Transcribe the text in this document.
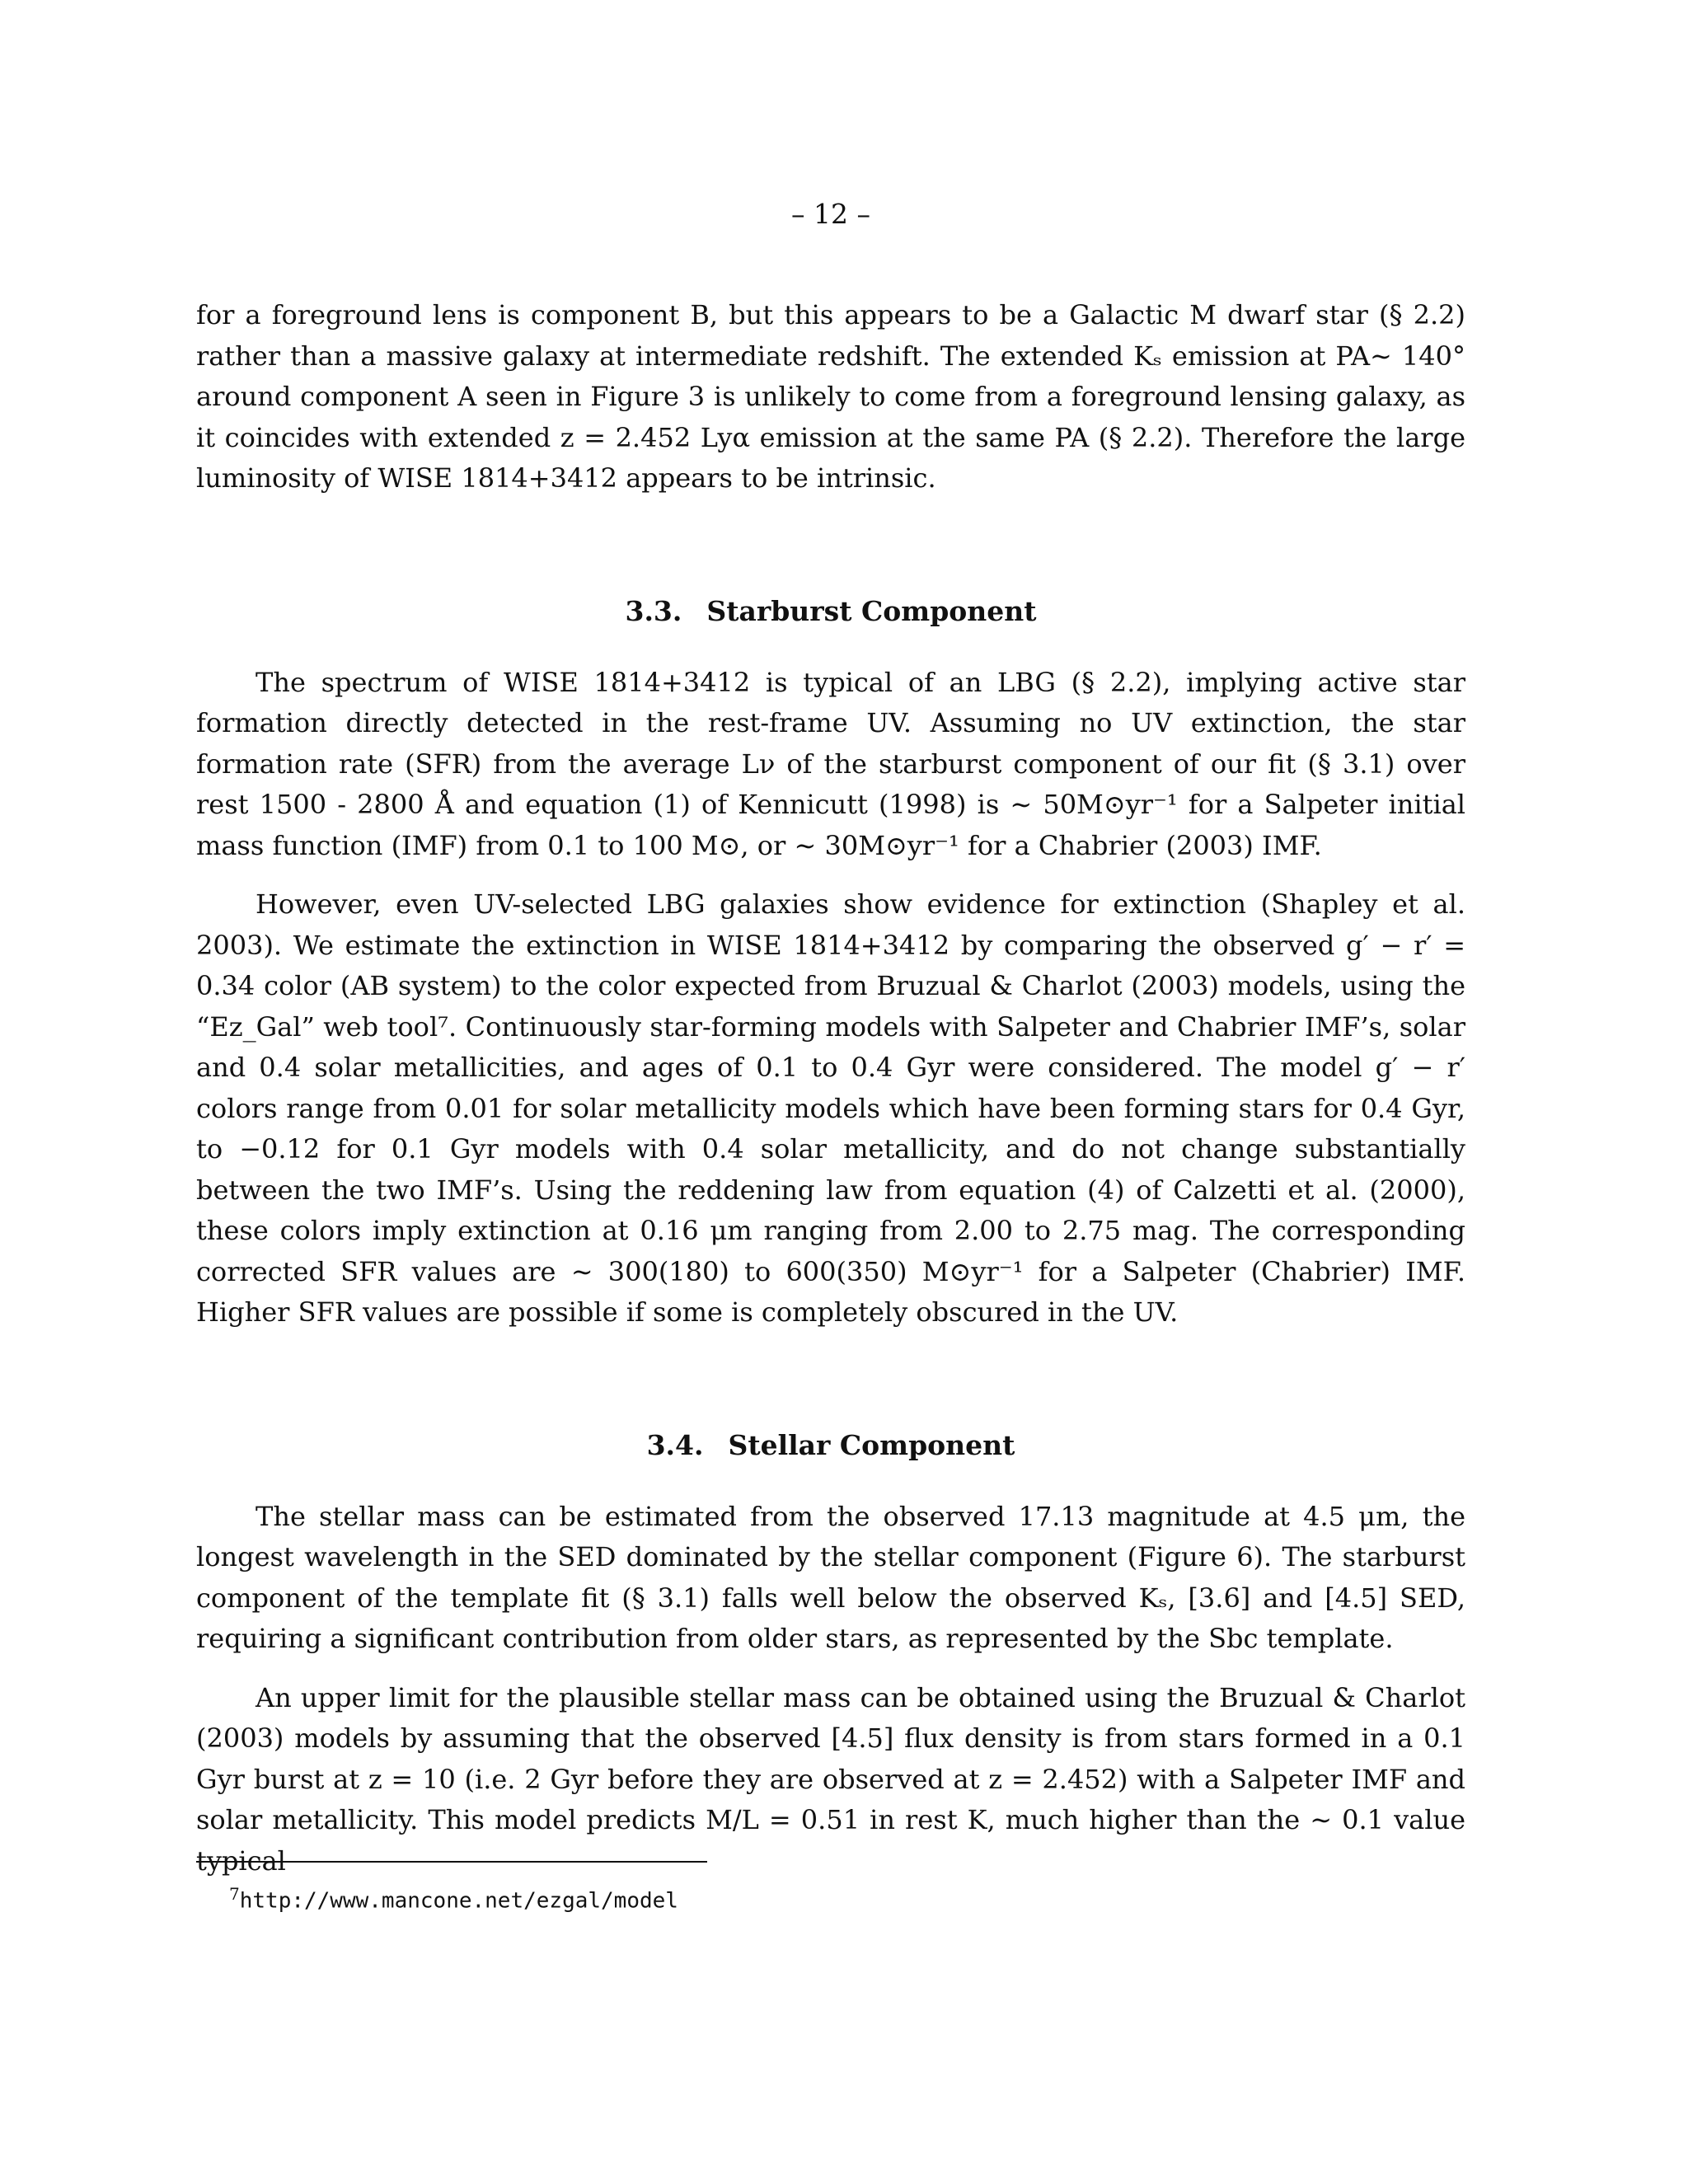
– 12 –

for a foreground lens is component B, but this appears to be a Galactic M dwarf star (§ 2.2) rather than a massive galaxy at intermediate redshift. The extended Kₛ emission at PA∼ 140° around component A seen in Figure 3 is unlikely to come from a foreground lensing galaxy, as it coincides with extended z = 2.452 Lyα emission at the same PA (§ 2.2). Therefore the large luminosity of WISE 1814+3412 appears to be intrinsic.

3.3. Starburst Component

The spectrum of WISE 1814+3412 is typical of an LBG (§ 2.2), implying active star formation directly detected in the rest-frame UV. Assuming no UV extinction, the star formation rate (SFR) from the average Lν of the starburst component of our fit (§ 3.1) over rest 1500 - 2800 Å and equation (1) of Kennicutt (1998) is ∼ 50M⊙yr⁻¹ for a Salpeter initial mass function (IMF) from 0.1 to 100 M⊙, or ∼ 30M⊙yr⁻¹ for a Chabrier (2003) IMF.

However, even UV-selected LBG galaxies show evidence for extinction (Shapley et al. 2003). We estimate the extinction in WISE 1814+3412 by comparing the observed g′ − r′ = 0.34 color (AB system) to the color expected from Bruzual & Charlot (2003) models, using the “Ez_Gal” web tool⁷. Continuously star-forming models with Salpeter and Chabrier IMF’s, solar and 0.4 solar metallicities, and ages of 0.1 to 0.4 Gyr were considered. The model g′ − r′ colors range from 0.01 for solar metallicity models which have been forming stars for 0.4 Gyr, to −0.12 for 0.1 Gyr models with 0.4 solar metallicity, and do not change substantially between the two IMF’s. Using the reddening law from equation (4) of Calzetti et al. (2000), these colors imply extinction at 0.16 μm ranging from 2.00 to 2.75 mag. The corresponding corrected SFR values are ∼ 300(180) to 600(350) M⊙yr⁻¹ for a Salpeter (Chabrier) IMF. Higher SFR values are possible if some is completely obscured in the UV.

3.4. Stellar Component

The stellar mass can be estimated from the observed 17.13 magnitude at 4.5 μm, the longest wavelength in the SED dominated by the stellar component (Figure 6). The starburst component of the template fit (§ 3.1) falls well below the observed Kₛ, [3.6] and [4.5] SED, requiring a significant contribution from older stars, as represented by the Sbc template.

An upper limit for the plausible stellar mass can be obtained using the Bruzual & Charlot (2003) models by assuming that the observed [4.5] flux density is from stars formed in a 0.1 Gyr burst at z = 10 (i.e. 2 Gyr before they are observed at z = 2.452) with a Salpeter IMF and solar metallicity. This model predicts M/L = 0.51 in rest K, much higher than the ∼ 0.1 value typical

$^7$http://www.mancone.net/ezgal/model
